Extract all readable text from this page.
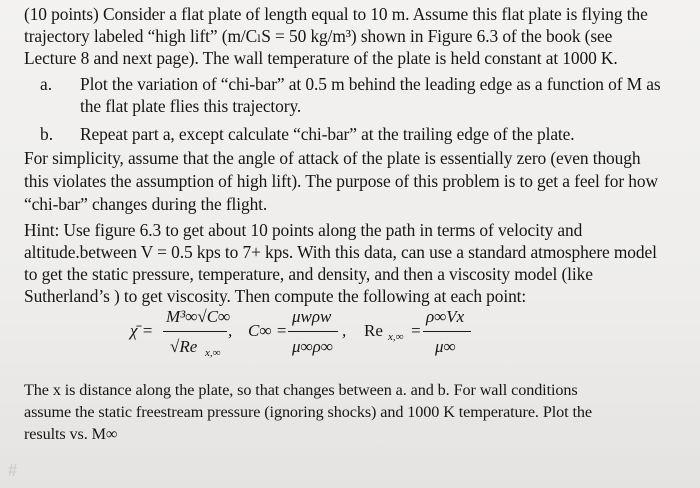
(10 points) Consider a flat plate of length equal to 10 m. Assume this flat plate is flying the
trajectory labeled “high lift” (m/CₗS = 50 kg/m³) shown in Figure 6.3 of the book (see
Lecture 8 and next page). The wall temperature of the plate is held constant at 1000 K.
a. Plot the variation of “chi-bar” at 0.5 m behind the leading edge as a function of M as
the flat plate flies this trajectory.
b. Repeat part a, except calculate “chi-bar” at the trailing edge of the plate.
For simplicity, assume that the angle of attack of the plate is essentially zero (even though
this violates the assumption of high lift). The purpose of this problem is to get a feel for how
“chi-bar” changes during the flight.
Hint: Use figure 6.3 to get about 10 points along the path in terms of velocity and
altitude.between V = 0.5 kps to 7+ kps. With this data, can use a standard atmosphere model
to get the static pressure, temperature, and density, and then a viscosity model (like
Sutherland’s ) to get viscosity. Then compute the following at each point:
χ̄ =
M³∞√C∞
√Re x,∞
, C∞ =
μwρw
μ∞ρ∞
, Re x,∞ =
ρ∞Vx
μ∞
The x is distance along the plate, so that changes between a. and b. For wall conditions
assume the static freestream pressure (ignoring shocks) and 1000 K temperature. Plot the
results vs. M∞
#
